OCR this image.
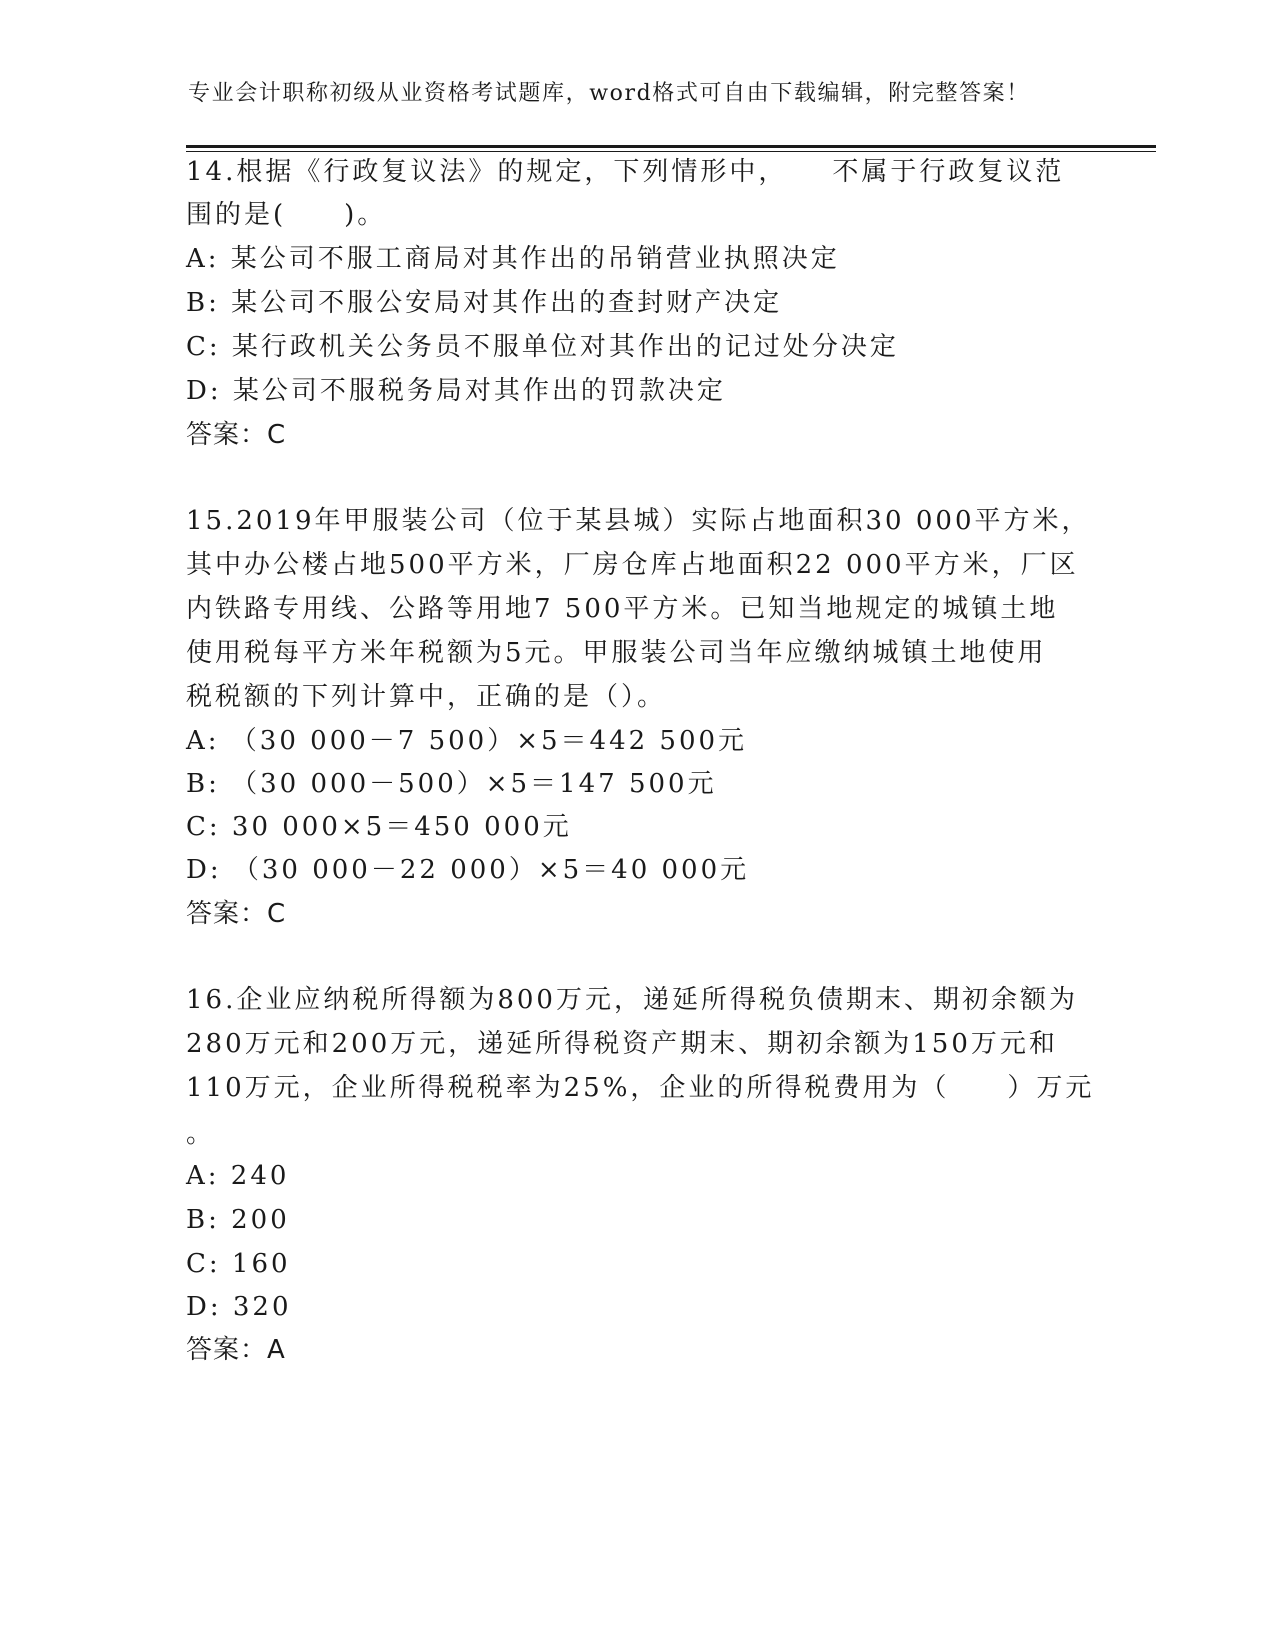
专业会计职称初级从业资格考试题库，word格式可自由下载编辑，附完整答案！
14.根据《行政复议法》的规定，下列情形中，　　不属于行政复议范
围的是(　　)。
A: 某公司不服工商局对其作出的吊销营业执照决定
B: 某公司不服公安局对其作出的查封财产决定
C: 某行政机关公务员不服单位对其作出的记过处分决定
D: 某公司不服税务局对其作出的罚款决定
答案：C
15.2019年甲服装公司（位于某县城）实际占地面积30 000平方米，
其中办公楼占地500平方米，厂房仓库占地面积22 000平方米，厂区
内铁路专用线、公路等用地7 500平方米。已知当地规定的城镇土地
使用税每平方米年税额为5元。甲服装公司当年应缴纳城镇土地使用
税税额的下列计算中，正确的是（）。
A: （30 000－7 500）×5＝442 500元
B: （30 000－500）×5＝147 500元
C: 30 000×5＝450 000元
D: （30 000－22 000）×5＝40 000元
答案：C
16.企业应纳税所得额为800万元，递延所得税负债期末、期初余额为
280万元和200万元，递延所得税资产期末、期初余额为150万元和
110万元，企业所得税税率为25%，企业的所得税费用为（　　）万元
。
A: 240
B: 200
C: 160
D: 320
答案：A
